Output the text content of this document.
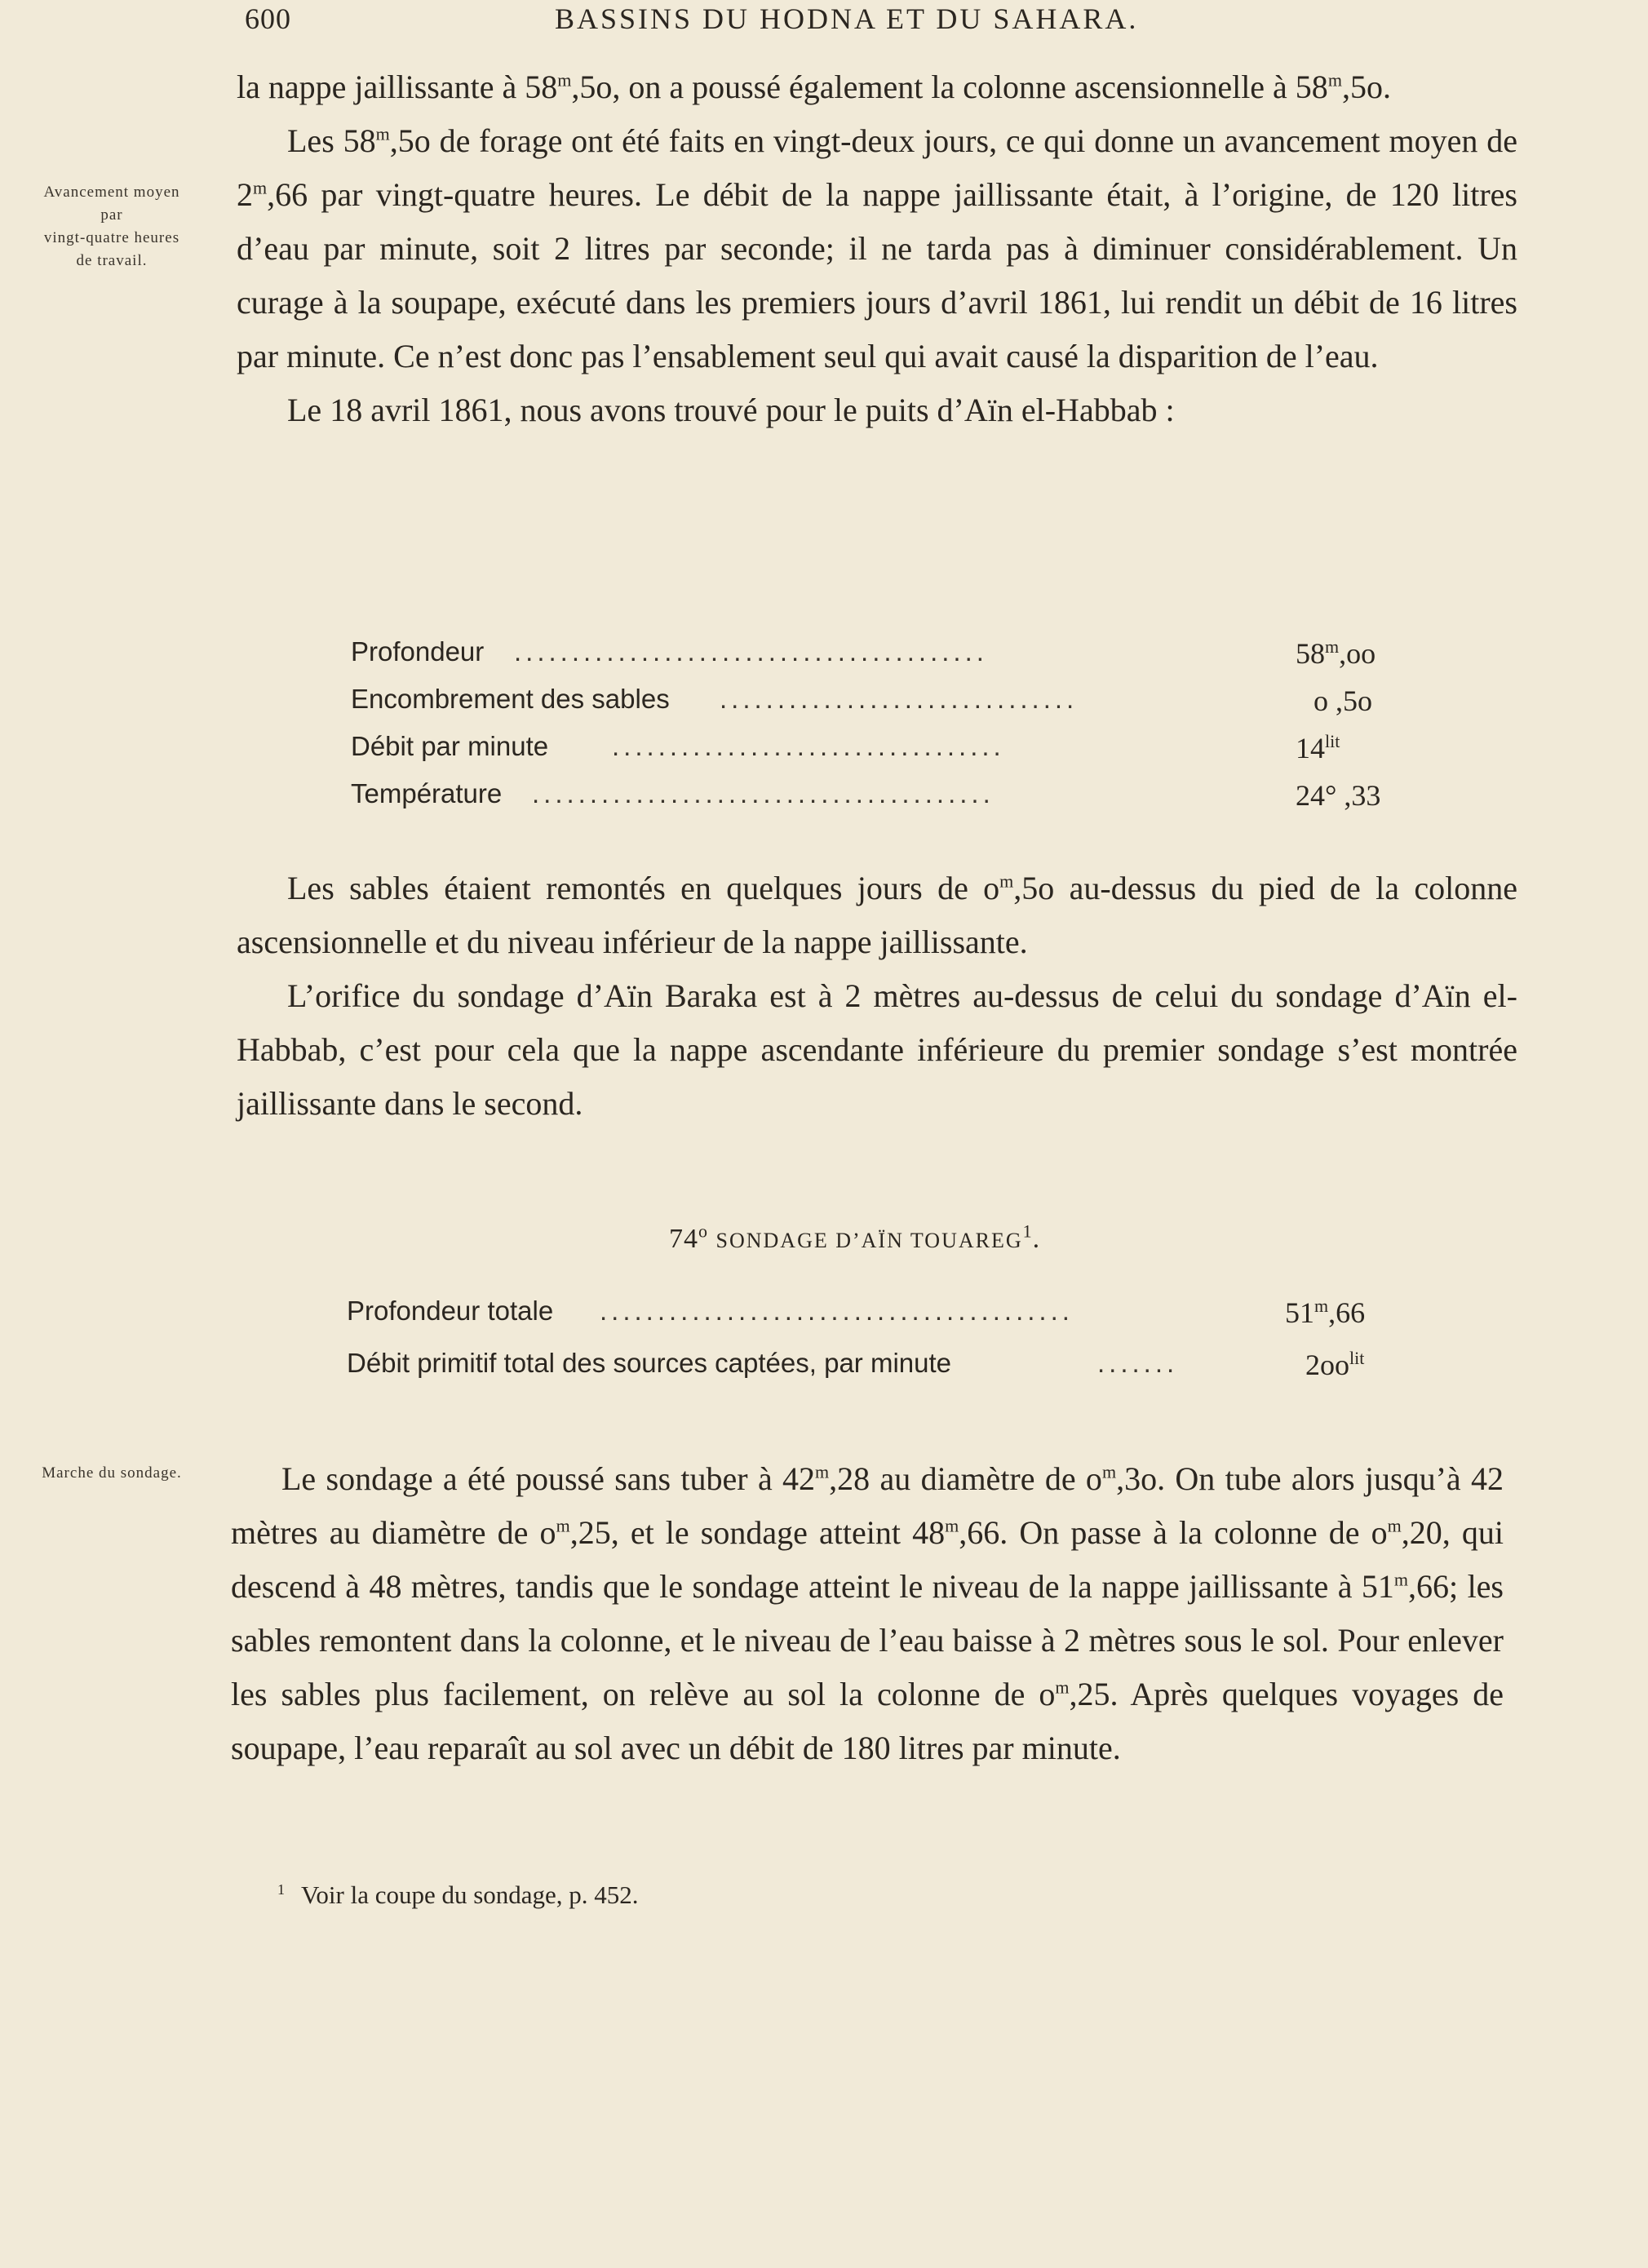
600	BASSINS DU HODNA ET DU SAHARA.
Avancement moyen
par
vingt-quatre heures
de travail.
Marche du sondage.

la nappe jaillissante à 58$^m$,5o, on a poussé également la colonne ascensionnelle à 58$^m$,5o.

Les 58$^m$,5o de forage ont été faits en vingt-deux jours, ce qui donne un avancement moyen de 2$^m$,66 par vingt-quatre heures. Le débit de la nappe jaillissante était, à l’origine, de 120 litres d’eau par minute, soit 2 litres par seconde; il ne tarda pas à diminuer considérablement. Un curage à la soupape, exécuté dans les premiers jours d’avril 1861, lui rendit un débit de 16 litres par minute. Ce n’est donc pas l’ensablement seul qui avait causé la disparition de l’eau.

Le 18 avril 1861, nous avons trouvé pour le puits d’Aïn el-Habbab :

Profondeur .........................................	58$^m$,oo
Encombrement des sables ...............................	o ,5o
Débit par minute ..................................	$14^{lit}$
Température ........................................	24° ,33

Les sables étaient remontés en quelques jours de $o^m,5o$ au-dessus du pied de la colonne ascensionnelle et du niveau inférieur de la nappe jaillissante.

L’orifice du sondage d’Aïn Baraka est à 2 mètres au-dessus de celui du sondage d’Aïn el-Habbab, c’est pour cela que la nappe ascendante inférieure du premier sondage s’est montrée jaillissante dans le second.

74$^o$ SONDAGE D’AÏN TOUAREG$^1$.
Profondeur totale .........................................	51$^m$,66
Débit primitif total des sources captées, par minute	.......	$2oo^{lit}$

Le sondage a été poussé sans tuber à 42$^m$,28 au diamètre de $o^m,3o$. On tube alors jusqu’à 42 mètres au diamètre de $o^m,25$, et le sondage atteint 48$^m$,66. On passe à la colonne de $o^m,20$, qui descend à 48 mètres, tandis que le sondage atteint le niveau de la nappe jaillissante à 51$^m$,66; les sables remontent dans la colonne, et le niveau de l’eau baisse à 2 mètres sous le sol. Pour enlever les sables plus facilement, on relève au sol la colonne de $o^m,25$. Après quelques voyages de soupape, l’eau reparaît au sol avec un débit de 180 litres par minute.

$^1$ Voir la coupe du sondage, p. 452.
